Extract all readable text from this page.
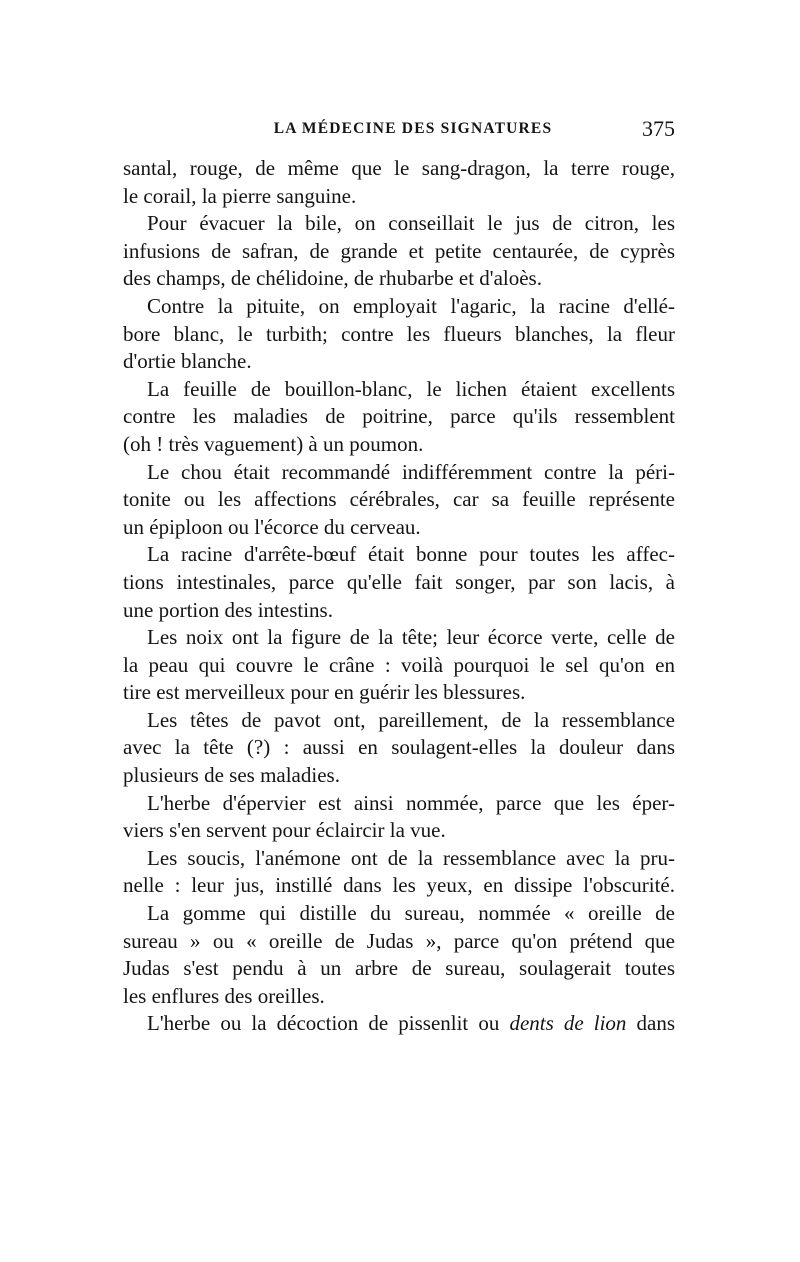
LA MÉDECINE DES SIGNATURES	375
santal, rouge, de même que le sang-dragon, la terre rouge,
le corail, la pierre sanguine.
Pour évacuer la bile, on conseillait le jus de citron, les
infusions de safran, de grande et petite centaurée, de cyprès
des champs, de chélidoine, de rhubarbe et d'aloès.
Contre la pituite, on employait l'agaric, la racine d'ellé-
bore blanc, le turbith; contre les flueurs blanches, la fleur
d'ortie blanche.
La feuille de bouillon-blanc, le lichen étaient excellents
contre les maladies de poitrine, parce qu'ils ressemblent
(oh ! très vaguement) à un poumon.
Le chou était recommandé indifféremment contre la péri-
tonite ou les affections cérébrales, car sa feuille représente
un épiploon ou l'écorce du cerveau.
La racine d'arrête-bœuf était bonne pour toutes les affec-
tions intestinales, parce qu'elle fait songer, par son lacis, à
une portion des intestins.
Les noix ont la figure de la tête; leur écorce verte, celle de
la peau qui couvre le crâne : voilà pourquoi le sel qu'on en
tire est merveilleux pour en guérir les blessures.
Les têtes de pavot ont, pareillement, de la ressemblance
avec la tête (?) : aussi en soulagent-elles la douleur dans
plusieurs de ses maladies.
L'herbe d'épervier est ainsi nommée, parce que les éper-
viers s'en servent pour éclaircir la vue.
Les soucis, l'anémone ont de la ressemblance avec la pru-
nelle : leur jus, instillé dans les yeux, en dissipe l'obscurité.
La gomme qui distille du sureau, nommée « oreille de
sureau » ou « oreille de Judas », parce qu'on prétend que
Judas s'est pendu à un arbre de sureau, soulagerait toutes
les enflures des oreilles.
L'herbe ou la décoction de pissenlit ou dents de lion dans
